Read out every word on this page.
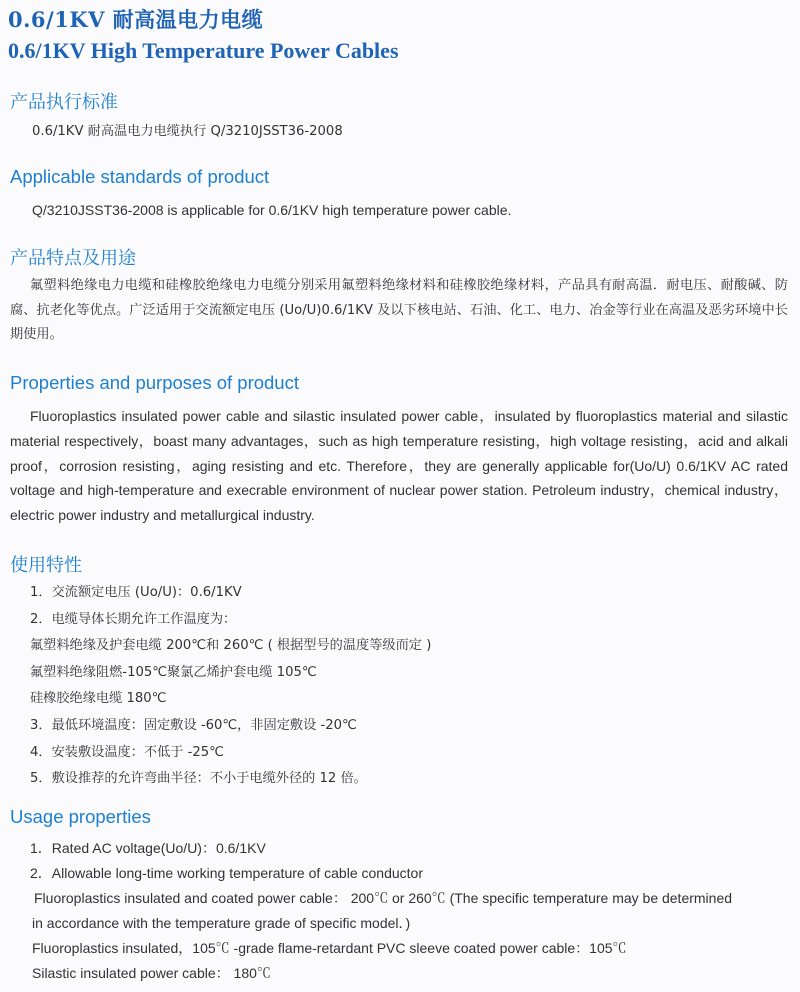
0.6/1KV 耐高温电力电缆
0.6/1KV High Temperature Power Cables
产品执行标准
0.6/1KV 耐高温电力电缆执行 Q/3210JSST36-2008
Applicable standards of product
Q/3210JSST36-2008 is applicable for 0.6/1KV high temperature power cable.
产品特点及用途
氟塑料绝缘电力电缆和硅橡胶绝缘电力电缆分别采用氟塑料绝缘材料和硅橡胶绝缘材料，产品具有耐高温．耐电压、耐酸碱、防腐、抗老化等优点。广泛适用于交流额定电压 (Uo/U)0.6/1KV 及以下核电站、石油、化工、电力、冶金等行业在高温及恶劣环境中长期使用。
Properties and purposes of product
Fluoroplastics insulated power cable and silastic insulated power cable，insulated by fluoroplastics material and silastic material respectively，boast many advantages，such as high temperature resisting，high voltage resisting，acid and alkali proof，corrosion resisting，aging resisting and etc. Therefore，they are generally applicable for(Uo/U) 0.6/1KV AC rated voltage and high-temperature and execrable environment of nuclear power station. Petroleum industry，chemical industry，electric power industry and metallurgical industry.
使用特性
1．交流额定电压 (Uo/U)：0.6/1KV
2．电缆导体长期允许工作温度为：
氟塑料绝缘及护套电缆 200℃和 260℃ ( 根据型号的温度等级而定 )
氟塑料绝缘阻燃-105℃聚氯乙烯护套电缆 105℃
硅橡胶绝缘电缆 180℃
3．最低环境温度：固定敷设 -60℃，非固定敷设 -20℃
4．安装敷设温度：不低于 -25℃
5．敷设推荐的允许弯曲半径：不小于电缆外径的 12 倍。
Usage properties
1．Rated AC voltage(Uo/U)：0.6/1KV
2．Allowable long-time working temperature of cable conductor
Fluoroplastics insulated and coated power cable： 200℃ or 260℃ (The specific temperature may be determined
in accordance with the temperature grade of specific model．)
Fluoroplastics insulated，105℃ -grade flame-retardant PVC sleeve coated power cable：105℃
Silastic insulated power cable： 180℃
